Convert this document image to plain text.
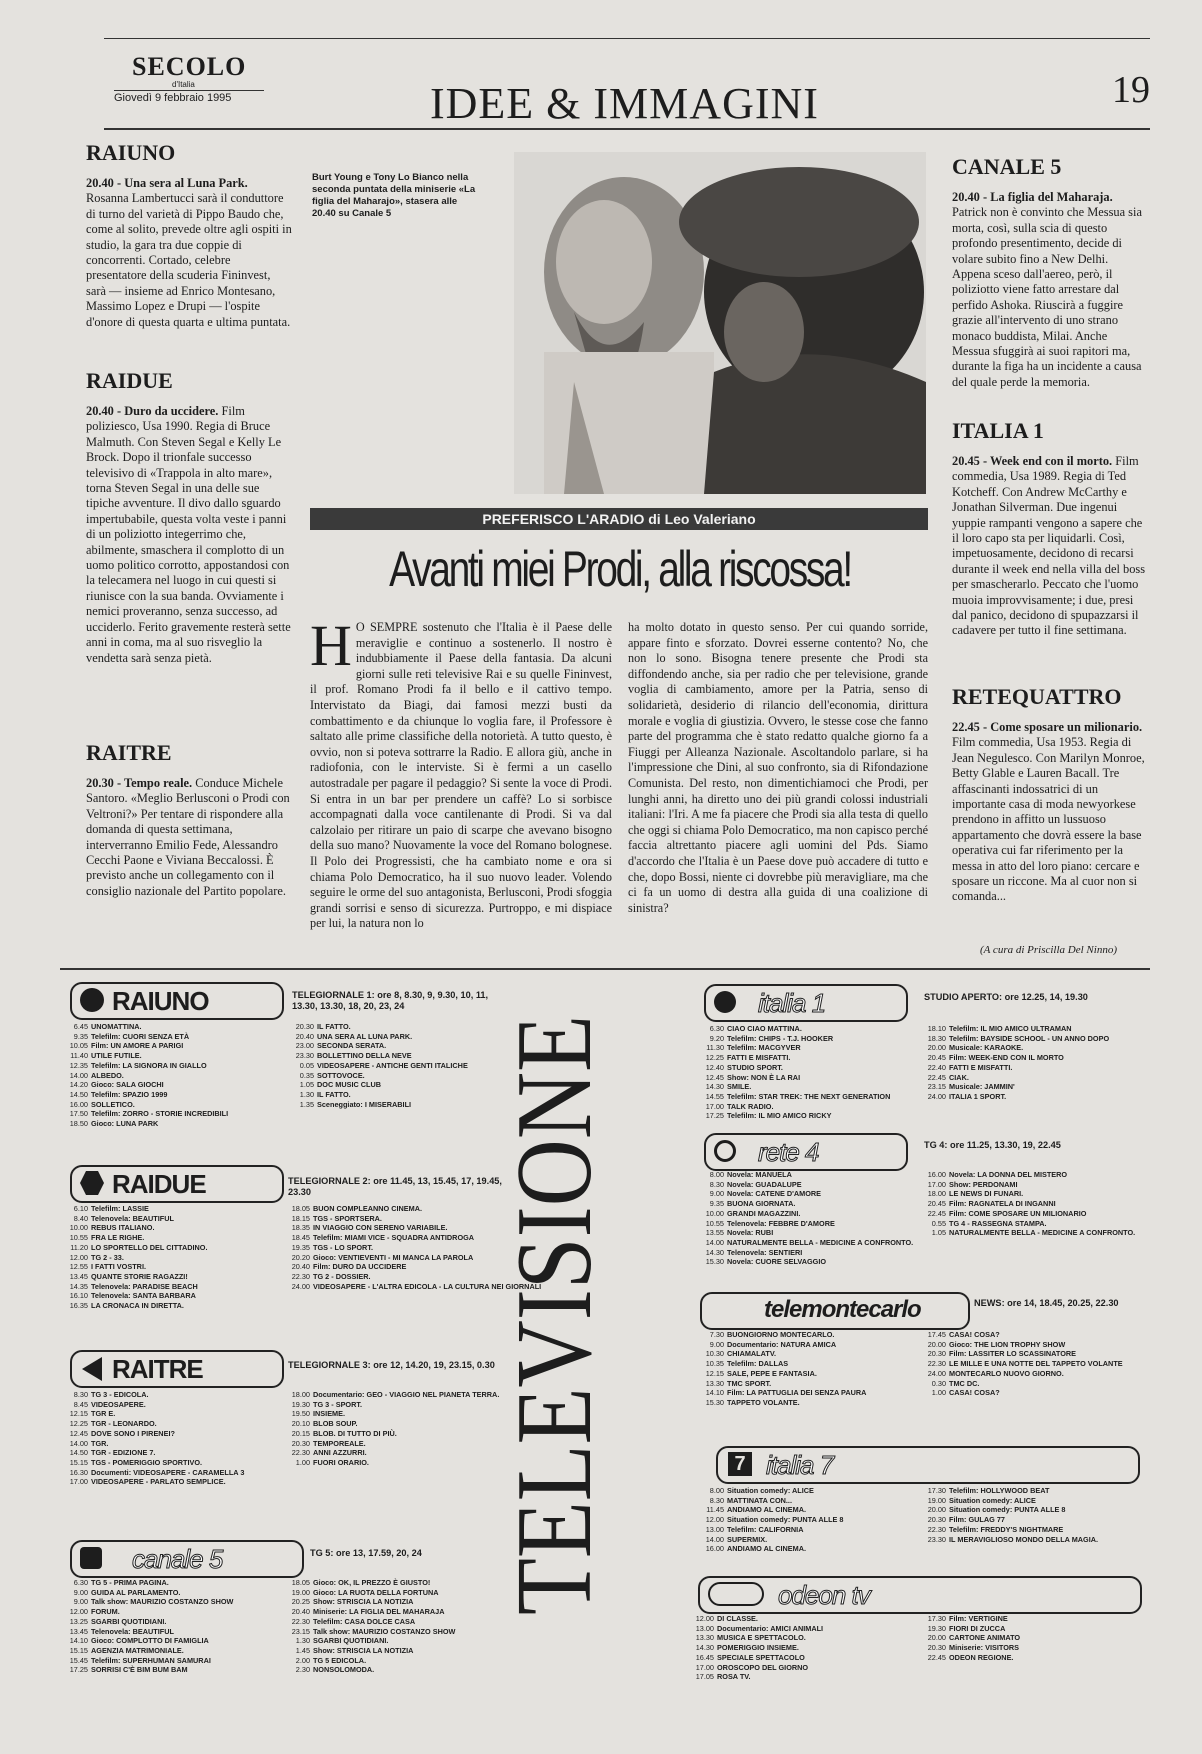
SECOLO
d'Italia
Giovedì 9 febbraio 1995	IDEE & IMMAGINI	19
RAIUNO
20.40 - Una sera al Luna Park. Rosanna Lambertucci sarà il conduttore di turno del varietà di Pippo Baudo che, come al solito, prevede oltre agli ospiti in studio, la gara tra due coppie di concorrenti. Cortado, celebre presentatore della scuderia Fininvest, sarà — insieme ad Enrico Montesano, Massimo Lopez e Drupi — l'ospite d'onore di questa quarta e ultima puntata.
RAIDUE
20.40 - Duro da uccidere. Film poliziesco, Usa 1990. Regia di Bruce Malmuth. Con Steven Segal e Kelly Le Brock. Dopo il trionfale successo televisivo di «Trappola in alto mare», torna Steven Segal in una delle sue tipiche avventure. Il divo dallo sguardo impertubabile, questa volta veste i panni di un poliziotto integerrimo che, abilmente, smaschera il complotto di un uomo politico corrotto, appostandosi con la telecamera nel luogo in cui questi si riunisce con la sua banda. Ovviamente i nemici proveranno, senza successo, ad ucciderlo. Ferito gravemente resterà sette anni in coma, ma al suo risveglio la vendetta sarà senza pietà.
RAITRE
20.30 - Tempo reale. Conduce Michele Santoro. «Meglio Berlusconi o Prodi con Veltroni?» Per tentare di rispondere alla domanda di questa settimana, interverranno Emilio Fede, Alessandro Cecchi Paone e Viviana Beccalossi. È previsto anche un collegamento con il consiglio nazionale del Partito popolare.
Burt Young e Tony Lo Bianco nella seconda puntata della miniserie «La figlia del Maharajo», stasera alle 20.40 su Canale 5
PREFERISCO L'ARADIO di Leo Valeriano
Avanti miei Prodi, alla riscossa!
H O SEMPRE sostenuto che l'Italia è il Paese delle meraviglie e continuo a sostenerlo. Il nostro è indubbiamente il Paese della fantasia. Da alcuni giorni sulle reti televisive Rai e su quelle Fininvest, il prof. Romano Prodi fa il bello e il cattivo tempo. Intervistato da Biagi, dai famosi mezzi busti da combattimento e da chiunque lo voglia fare, il Professore è saltato alle prime classifiche della notorietà. A tutto questo, è ovvio, non si poteva sottrarre la Radio. E allora giù, anche in radiofonia, con le interviste. Si è fermi a un casello autostradale per pagare il pedaggio? Si sente la voce di Prodi. Si entra in un bar per prendere un caffè? Lo si sorbisce accompagnati dalla voce cantilenante di Prodi. Si va dal calzolaio per ritirare un paio di scarpe che avevano bisogno della suo mano? Nuovamente la voce del Romano bolognese. Il Polo dei Progressisti, che ha cambiato nome e ora si chiama Polo Democratico, ha il suo nuovo leader. Volendo seguire le orme del suo antagonista, Berlusconi, Prodi sfoggia grandi sorrisi e senso di sicurezza. Purtroppo, e mi dispiace per lui, la natura non lo
ha molto dotato in questo senso. Per cui quando sorride, appare finto e sforzato. Dovrei esserne contento? No, che non lo sono. Bisogna tenere presente che Prodi sta diffondendo anche, sia per radio che per televisione, grande voglia di cambiamento, amore per la Patria, senso di solidarietà, desiderio di rilancio dell'economia, dirittura morale e voglia di giustizia. Ovvero, le stesse cose che fanno parte del programma che è stato redatto qualche giorno fa a Fiuggi per Alleanza Nazionale. Ascoltandolo parlare, si ha l'impressione che Dini, al suo confronto, sia di Rifondazione Comunista. Del resto, non dimentichiamoci che Prodi, per lunghi anni, ha diretto uno dei più grandi colossi industriali italiani: l'Iri. A me fa piacere che Prodi sia alla testa di quello che oggi si chiama Polo Democratico, ma non capisco perché faccia altrettanto piacere agli uomini del Pds. Siamo d'accordo che l'Italia è un Paese dove può accadere di tutto e che, dopo Bossi, niente ci dovrebbe più meravigliare, ma che ci fa un uomo di destra alla guida di una coalizione di sinistra?
CANALE 5
20.40 - La figlia del Maharaja. Patrick non è convinto che Messua sia morta, così, sulla scia di questo profondo presentimento, decide di volare subito fino a New Delhi. Appena sceso dall'aereo, però, il poliziotto viene fatto arrestare dal perfido Ashoka. Riuscirà a fuggire grazie all'intervento di uno strano monaco buddista, Milai. Anche Messua sfuggirà ai suoi rapitori ma, durante la figa ha un incidente a causa del quale perde la memoria.
ITALIA 1
20.45 - Week end con il morto. Film commedia, Usa 1989. Regia di Ted Kotcheff. Con Andrew McCarthy e Jonathan Silverman. Due ingenui yuppie rampanti vengono a sapere che il loro capo sta per liquidarli. Così, impetuosamente, decidono di recarsi durante il week end nella villa del boss per smascherarlo. Peccato che l'uomo muoia improvvisamente; i due, presi dal panico, decidono di spupazzarsi il cadavere per tutto il fine settimana.
RETEQUATTRO
22.45 - Come sposare un milionario. Film commedia, Usa 1953. Regia di Jean Negulesco. Con Marilyn Monroe, Betty Glable e Lauren Bacall. Tre affascinanti indossatrici di un importante casa di moda newyorkese prendono in affitto un lussuoso appartamento che dovrà essere la base operativa cui far riferimento per la messa in atto del loro piano: cercare e sposare un riccone. Ma al cuor non si comanda...
(A cura di Priscilla Del Ninno)
TELEVISIONE
RAIUNO	TELEGIORNALE 1: ore 8, 8.30, 9, 9.30, 10, 11, 13.30, 13.30, 18, 20, 23, 24
6.45 UNOMATTINA.
9.35 Telefilm: CUORI SENZA ETÀ
10.05 Film: UN AMORE A PARIGI
11.40 UTILE FUTILE.
12.35 Telefilm: LA SIGNORA IN GIALLO
14.00 ALBEDO.
14.20 Gioco: SALA GIOCHI
14.50 Telefilm: SPAZIO 1999
16.00 SOLLETICO.
17.50 Telefilm: ZORRO - STORIE INCREDIBILI
18.50 Gioco: LUNA PARK
20.30 IL FATTO.
20.40 UNA SERA AL LUNA PARK.
23.00 SECONDA SERATA.
23.30 BOLLETTINO DELLA NEVE
0.05 VIDEOSAPERE - ANTICHE GENTI ITALICHE
0.35 SOTTOVOCE.
1.05 DOC MUSIC CLUB
1.30 IL FATTO.
1.35 Sceneggiato: I MISERABILI
RAIDUE	TELEGIORNALE 2: ore 11.45, 13, 15.45, 17, 19.45, 23.30
6.10 Telefilm: LASSIE
8.40 Telenovela: BEAUTIFUL
10.00 REBUS ITALIANO.
10.55 FRA LE RIGHE.
11.20 LO SPORTELLO DEL CITTADINO.
12.00 TG 2 - 33.
12.55 I FATTI VOSTRI.
13.45 QUANTE STORIE RAGAZZI!
14.35 Telenovela: PARADISE BEACH
16.10 Telenovela: SANTA BARBARA
16.35 LA CRONACA IN DIRETTA.
18.05 BUON COMPLEANNO CINEMA.
18.15 TGS - SPORTSERA.
18.35 IN VIAGGIO CON SERENO VARIABILE.
18.45 Telefilm: MIAMI VICE - SQUADRA ANTIDROGA
19.35 TGS - LO SPORT.
20.20 Gioco: VENTIEVENTI - MI MANCA LA PAROLA
20.40 Film: DURO DA UCCIDERE
22.30 TG 2 - DOSSIER.
24.00 VIDEOSAPERE - L'ALTRA EDICOLA - LA CULTURA NEI GIORNALI
RAITRE	TELEGIORNALE 3: ore 12, 14.20, 19, 23.15, 0.30
8.30 TG 3 - EDICOLA.
8.45 VIDEOSAPERE.
12.15 TGR E.
12.25 TGR - LEONARDO.
12.45 DOVE SONO I PIRENEI?
14.00 TGR.
14.50 TGR - EDIZIONE 7.
15.15 TGS - POMERIGGIO SPORTIVO.
16.30 Documenti: VIDEOSAPERE - CARAMELLA 3
17.00 VIDEOSAPERE - PARLATO SEMPLICE.
18.00 Documentario: GEO - VIAGGIO NEL PIANETA TERRA.
19.30 TG 3 - SPORT.
19.50 INSIEME.
20.10 BLOB SOUP.
20.15 BLOB. DI TUTTO DI PIÙ.
20.30 TEMPOREALE.
22.30 ANNI AZZURRI.
1.00 FUORI ORARIO.
canale 5	TG 5: ore 13, 17.59, 20, 24
6.30 TG 5 - PRIMA PAGINA.
9.00 GUIDA AL PARLAMENTO.
9.00 Talk show: MAURIZIO COSTANZO SHOW
12.00 FORUM.
13.25 SGARBI QUOTIDIANI.
13.45 Telenovela: BEAUTIFUL
14.10 Gioco: COMPLOTTO DI FAMIGLIA
15.15 AGENZIA MATRIMONIALE.
15.45 Telefilm: SUPERHUMAN SAMURAI
17.25 SORRISI C'È BIM BUM BAM
18.05 Gioco: OK, IL PREZZO È GIUSTO!
19.00 Gioco: LA RUOTA DELLA FORTUNA
20.25 Show: STRISCIA LA NOTIZIA
20.40 Miniserie: LA FIGLIA DEL MAHARAJA
22.30 Telefilm: CASA DOLCE CASA
23.15 Talk show: MAURIZIO COSTANZO SHOW
1.30 SGARBI QUOTIDIANI.
1.45 Show: STRISCIA LA NOTIZIA
2.00 TG 5 EDICOLA.
2.30 NONSOLOMODA.
italia 1	STUDIO APERTO: ore 12.25, 14, 19.30
6.30 CIAO CIAO MATTINA.
9.20 Telefilm: CHIPS - T.J. HOOKER
11.30 Telefilm: MACGYVER
12.25 FATTI E MISFATTI.
12.40 STUDIO SPORT.
12.45 Show: NON È LA RAI
14.30 SMILE.
14.55 Telefilm: STAR TREK: THE NEXT GENERATION
17.00 TALK RADIO.
17.25 Telefilm: IL MIO AMICO RICKY
18.10 Telefilm: IL MIO AMICO ULTRAMAN
18.30 Telefilm: BAYSIDE SCHOOL - UN ANNO DOPO
20.00 Musicale: KARAOKE.
20.45 Film: WEEK-END CON IL MORTO
22.40 FATTI E MISFATTI.
22.45 CIAK.
23.15 Musicale: JAMMIN'
24.00 ITALIA 1 SPORT.
rete 4	TG 4: ore 11.25, 13.30, 19, 22.45
8.00 Novela: MANUELA
8.30 Novela: GUADALUPE
9.00 Novela: CATENE D'AMORE
9.35 BUONA GIORNATA.
10.00 GRANDI MAGAZZINI.
10.55 Telenovela: FEBBRE D'AMORE
13.55 Novela: RUBI
14.00 NATURALMENTE BELLA - MEDICINE A CONFRONTO.
14.30 Telenovela: SENTIERI
15.30 Novela: CUORE SELVAGGIO
16.00 Novela: LA DONNA DEL MISTERO
17.00 Show: PERDONAMI
18.00 LE NEWS DI FUNARI.
20.45 Film: RAGNATELA DI INGANNI
22.45 Film: COME SPOSARE UN MILIONARIO
0.55 TG 4 - RASSEGNA STAMPA.
1.05 NATURALMENTE BELLA - MEDICINE A CONFRONTO.
telemontecarlo	NEWS: ore 14, 18.45, 20.25, 22.30
7.30 BUONGIORNO MONTECARLO.
9.00 Documentario: NATURA AMICA
10.30 CHIAMALATV.
10.35 Telefilm: DALLAS
12.15 SALE, PEPE E FANTASIA.
13.30 TMC SPORT.
14.10 Film: LA PATTUGLIA DEI SENZA PAURA
15.30 TAPPETO VOLANTE.
17.45 CASA! COSA?
20.00 Gioco: THE LION TROPHY SHOW
20.30 Film: LASSITER LO SCASSINATORE
22.30 LE MILLE E UNA NOTTE DEL TAPPETO VOLANTE
24.00 MONTECARLO NUOVO GIORNO.
0.30 TMC DC.
1.00 CASA! COSA?
7 italia 7
8.00 Situation comedy: ALICE
8.30 MATTINATA CON...
11.45 ANDIAMO AL CINEMA.
12.00 Situation comedy: PUNTA ALLE 8
13.00 Telefilm: CALIFORNIA
14.00 SUPERMIX.
16.00 ANDIAMO AL CINEMA.
17.30 Telefilm: HOLLYWOOD BEAT
19.00 Situation comedy: ALICE
20.00 Situation comedy: PUNTA ALLE 8
20.30 Film: GULAG 77
22.30 Telefilm: FREDDY'S NIGHTMARE
23.30 IL MERAVIGLIOSO MONDO DELLA MAGIA.
odeon tv
12.00 DI CLASSE.
13.00 Documentario: AMICI ANIMALI
13.30 MUSICA E SPETTACOLO.
14.30 POMERIGGIO INSIEME.
16.45 SPECIALE SPETTACOLO
17.00 OROSCOPO DEL GIORNO
17.05 ROSA TV.
17.30 Film: VERTIGINE
19.30 FIORI DI ZUCCA
20.00 CARTONE ANIMATO
20.30 Miniserie: VISITORS
22.45 ODEON REGIONE.
